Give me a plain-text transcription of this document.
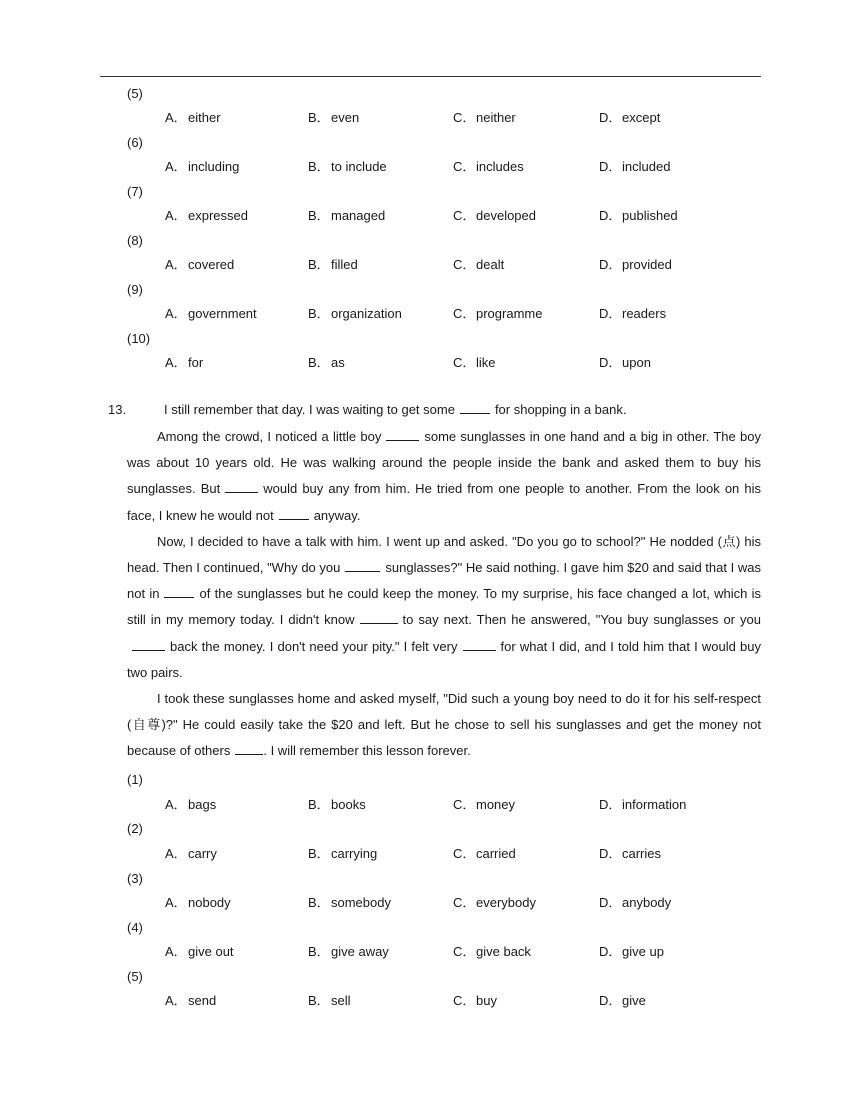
(5)
A．either	B．even	C．neither	D．except
(6)
A．including	B．to include	C．includes	D．included
(7)
A．expressed	B．managed	C．developed	D．published
(8)
A．covered	B．filled	C．dealt	D．provided
(9)
A．government	B．organization	C．programme	D．readers
(10)
A．for	B．as	C．like	D．upon
13.	I still remember that day. I was waiting to get some	for shopping in a bank.

Among the crowd, I noticed a little boy	some sunglasses in one hand and a big in other. The boy was about 10 years old. He was walking around the people inside the bank and asked them to buy his sunglasses. But	would buy any from him. He tried from one people to another. From the look on his face, I knew he would not	anyway.

Now, I decided to have a talk with him. I went up and asked. "Do you go to school?" He nodded (点) his head. Then I continued, "Why do you	sunglasses?" He said nothing. I gave him $20 and said that I was not in	of the sunglasses but he could keep the money. To my surprise, his face changed a lot, which is still in my memory today. I didn't know	to say next. Then he answered, "You buy sunglasses or youback the money. I don't need your pity." I felt very	for what I did, and I told him that I would buy two pairs.

I took these sunglasses home and asked myself, "Did such a young boy need to do it for his self-respect (自尊)?" He could easily take the $20 and left. But he chose to sell his sunglasses and get the money not because of others	. I will remember this lesson forever.

(1)
A．bags	B．books	C．money	D．information
(2)
A．carry	B．carrying	C．carried	D．carries
(3)
A．nobody	B．somebody	C．everybody	D．anybody
(4)
A．give out	B．give away	C．give back	D．give up
(5)
A．send	B．sell	C．buy	D．give
